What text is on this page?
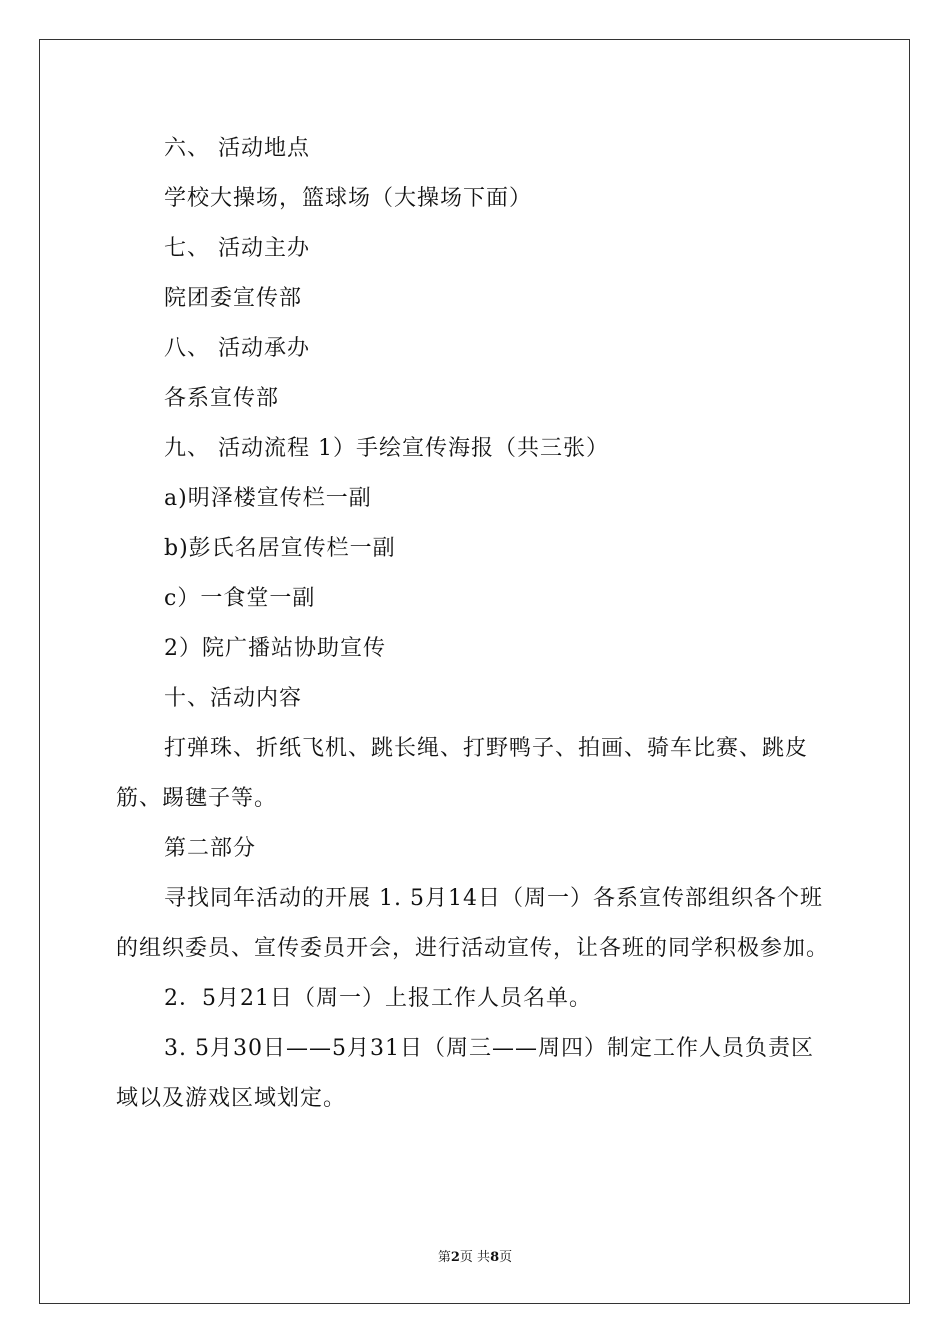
六、 活动地点

学校大操场，篮球场（大操场下面）

七、 活动主办

院团委宣传部

八、 活动承办

各系宣传部

九、 活动流程 1）手绘宣传海报（共三张）

a)明泽楼宣传栏一副

b)彭氏名居宣传栏一副

c）一食堂一副

2）院广播站协助宣传

十、活动内容

打弹珠、折纸飞机、跳长绳、打野鸭子、拍画、骑车比赛、跳皮筋、踢毽子等。

第二部分

寻找同年活动的开展 1. 5月14日（周一）各系宣传部组织各个班的组织委员、宣传委员开会，进行活动宣传，让各班的同学积极参加。

2．5月21日（周一）上报工作人员名单。

3. 5月30日——5月31日（周三——周四）制定工作人员负责区域以及游戏区域划定。

第2页 共8页
